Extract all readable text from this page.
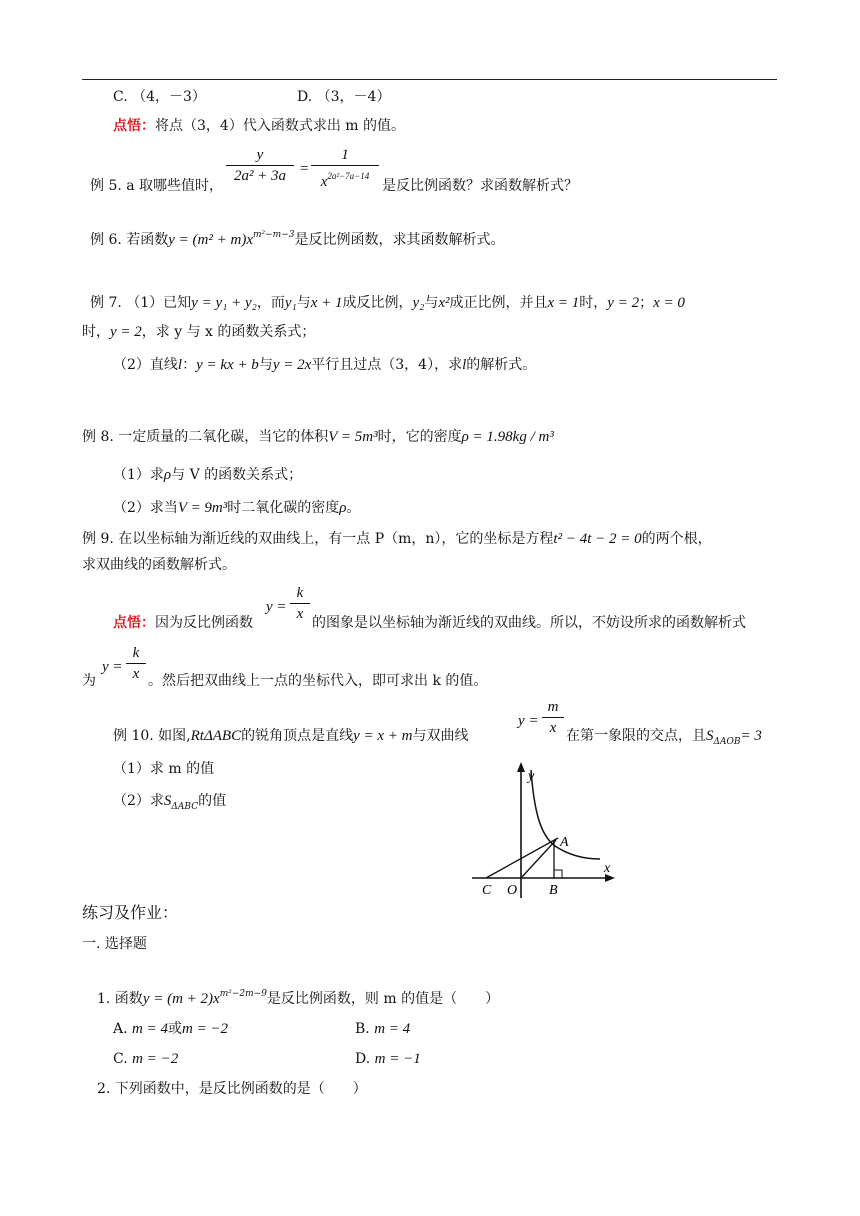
C. （4，－3）	D. （3，－4）
点悟：将点（3，4）代入函数式求出 m 的值。
例 5. a 取哪些值时，
y
2a² + 3a =
1
$x^{2a^2-7a-14}$
是反比例函数？求函数解析式？
例 6. 若函数$y = (m^2 + m)x^{m^2-m-3}$是反比例函数，求其函数解析式。
例 7. （1）已知y = y₁ + y₂，而y₁与x + 1成反比例，y₂与x²成正比例，并且x = 1时，y = 2；x = 0
时，y = 2，求 y 与 x 的函数关系式；
（2）直线l：y = kx + b与y = 2x平行且过点（3，4），求l的解析式。
例 8. 一定质量的二氧化碳，当它的体积V = 5m³时，它的密度ρ = 1.98kg / m³
（1）求ρ与 V 的函数关系式；
（2）求当V = 9m³时二氧化碳的密度ρ。
例 9. 在以坐标轴为渐近线的双曲线上，有一点 P（m，n），它的坐标是方程t² − 4t − 2 = 0的两个根，
求双曲线的函数解析式。
点悟：因为反比例函数
y =
k
x
的图象是以坐标轴为渐近线的双曲线。所以，不妨设所求的函数解析式
为
y =
k
x 。然后把双曲线上一点的坐标代入，即可求出 k 的值。
例 10. 如图,RtΔABC的锐角顶点是直线y = x + m与双曲线
y =
m
x 在第一象限的交点，且$S_{\Delta AOB}= 3$
（1）求 m 的值
（2）求$S_{\Delta ABC}$的值
y
x
A
B
C O
练习及作业：
一. 选择题
1. 函数$y = (m + 2)x^{m^2-2m-9}$是反比例函数，则 m 的值是（　　）
A. m = 4或m = −2	B. m = 4
C. m = −2	D. m = −1
2. 下列函数中，是反比例函数的是（　　）
